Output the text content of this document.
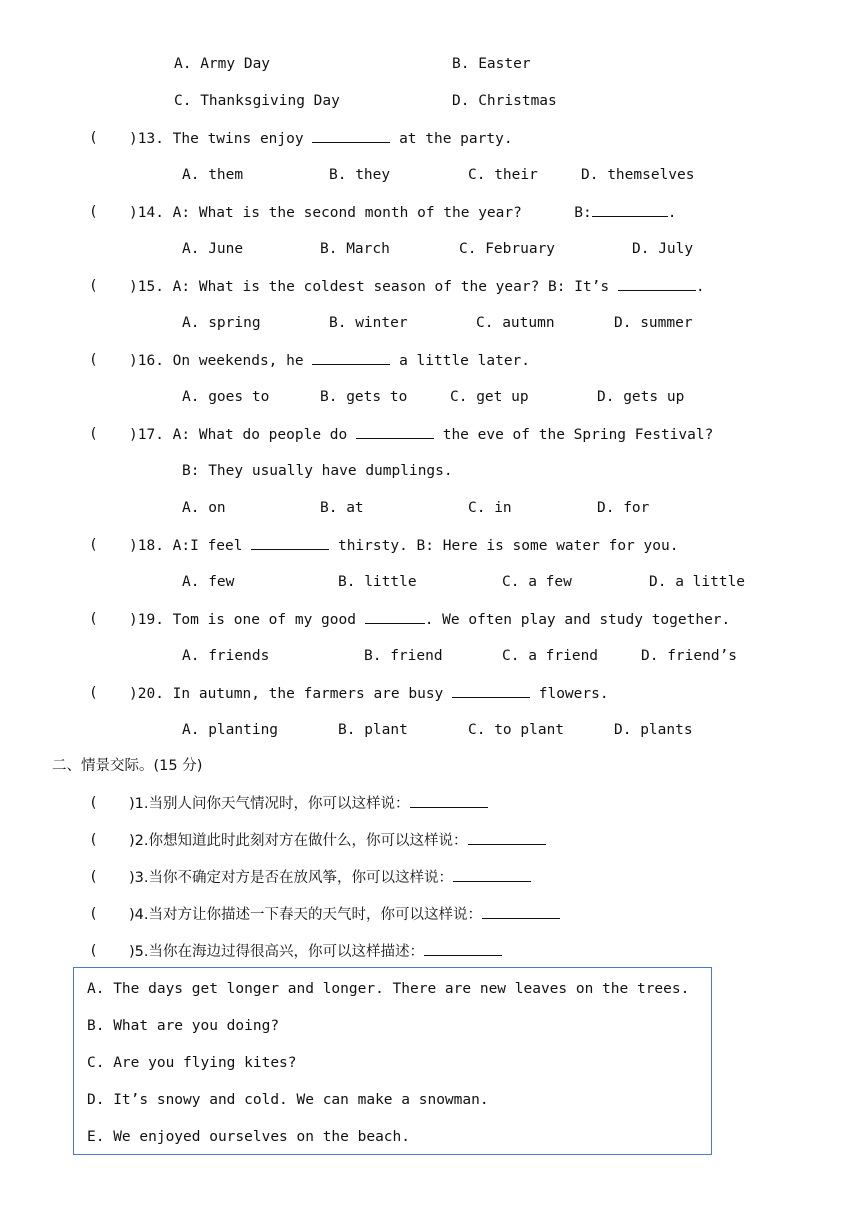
A. Army Day	B. Easter
C. Thanksgiving Day	D. Christmas
( )13. The twins enjoy	at the party.
A. them	B. they	C. their	D. themselves
( )14. A: What is the second month of the year?      B:	.
A. June	B. March	C. February	D. July
( )15. A: What is the coldest season of the year? B: It’s	.
A. spring	B. winter	C. autumn	D. summer
( )16. On weekends, he	a little later.
A. goes to	B. gets to	C. get up	D. gets up
( )17. A: What do people do	the eve of the Spring Festival?
B: They usually have dumplings.
A. on	B. at	C. in	D. for
( )18. A:I feel	thirsty. B: Here is some water for you.
A. few	B. little	C. a few	D. a little
( )19. Tom is one of my good	. We often play and study together.
A. friends	B. friend	C. a friend	D. friend’s
( )20. In autumn, the farmers are busy	flowers.
A. planting	B. plant	C. to plant	D. plants
二、情景交际。(15 分)
( )1.当别人问你天气情况时，你可以这样说：
( )2.你想知道此时此刻对方在做什么，你可以这样说：
( )3.当你不确定对方是否在放风筝，你可以这样说：
( )4.当对方让你描述一下春天的天气时，你可以这样说：
( )5.当你在海边过得很高兴，你可以这样描述：
A. The days get longer and longer. There are new leaves on the trees.
B. What are you doing?
C. Are you flying kites?
D. It’s snowy and cold. We can make a snowman.
E. We enjoyed ourselves on the beach.
